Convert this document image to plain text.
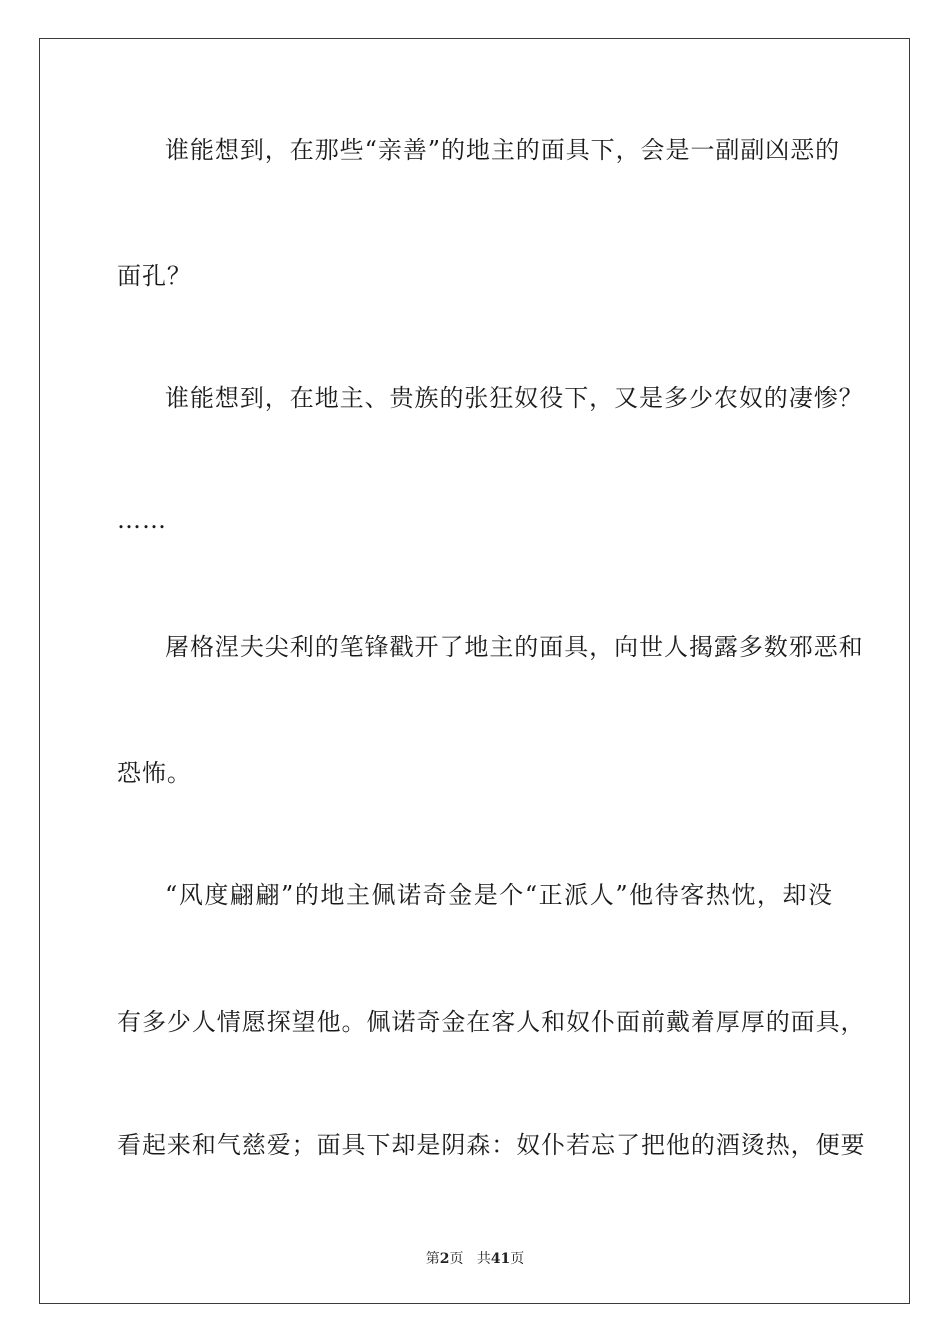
谁能想到，在那些“亲善”的地主的面具下，会是一副副凶恶的
面孔？
谁能想到，在地主、贵族的张狂奴役下，又是多少农奴的凄惨？
……
屠格涅夫尖利的笔锋戳开了地主的面具，向世人揭露多数邪恶和
恐怖。
“风度翩翩”的地主佩诺奇金是个“正派人”他待客热忱，却没
有多少人情愿探望他。佩诺奇金在客人和奴仆面前戴着厚厚的面具，
看起来和气慈爱；面具下却是阴森：奴仆若忘了把他的酒烫热，便要
第2页 共41页
